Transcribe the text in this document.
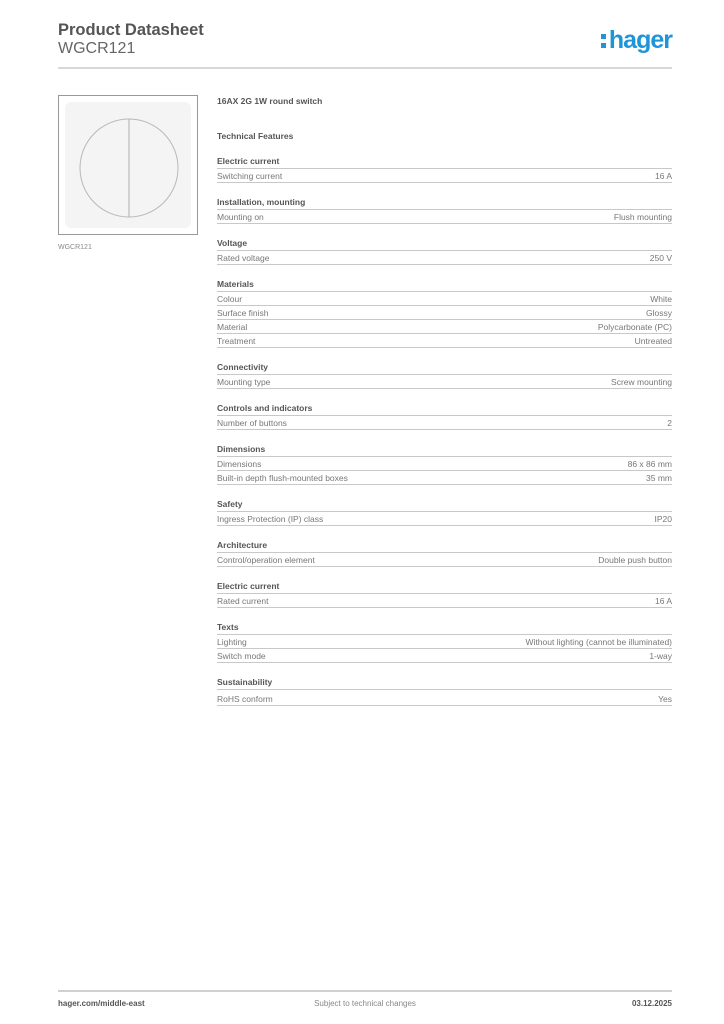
Product Datasheet
WGCR121	hager
WGCR121
16AX 2G 1W round switch
Technical Features
Electric current
Switching current	16 A
Installation, mounting
Mounting on	Flush mounting
Voltage
Rated voltage	250 V
Materials
Colour	White
Surface finish	Glossy
Material	Polycarbonate (PC)
Treatment	Untreated
Connectivity
Mounting type	Screw mounting
Controls and indicators
Number of buttons	2
Dimensions
Dimensions	86 x 86 mm
Built-in depth flush-mounted boxes	35 mm
Safety
Ingress Protection (IP) class	IP20
Architecture
Control/operation element	Double push button
Electric current
Rated current	16 A
Texts
Lighting	Without lighting (cannot be illuminated)
Switch mode	1-way
Sustainability
RoHS conform	Yes
hager.com/middle-east	Subject to technical changes	03.12.2025
